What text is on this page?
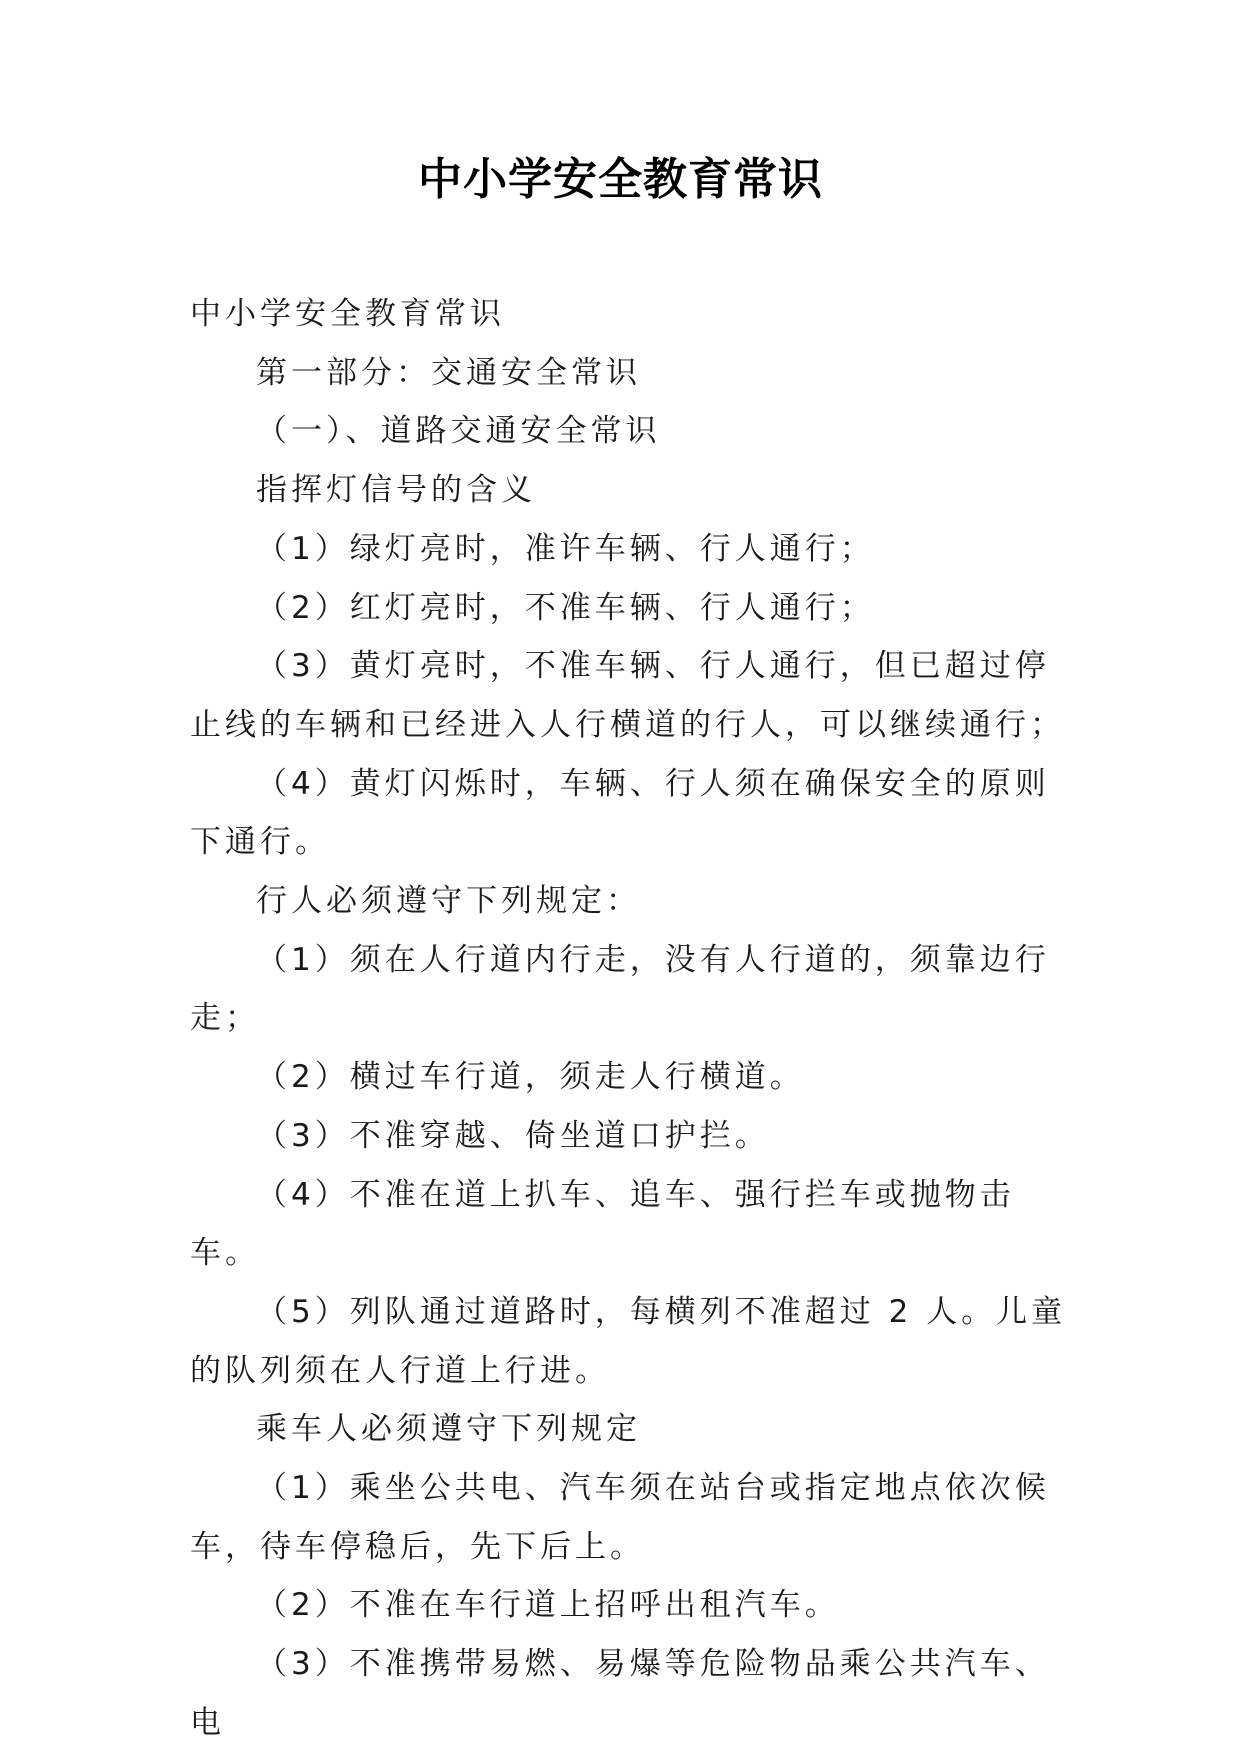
中小学安全教育常识

中小学安全教育常识

第一部分：交通安全常识

（一）、道路交通安全常识

指挥灯信号的含义

（1）绿灯亮时，准许车辆、行人通行；

（2）红灯亮时，不准车辆、行人通行；

（3）黄灯亮时，不准车辆、行人通行，但已超过停止线的车辆和已经进入人行横道的行人，可以继续通行；

（4）黄灯闪烁时，车辆、行人须在确保安全的原则下通行。

行人必须遵守下列规定：

（1）须在人行道内行走，没有人行道的，须靠边行走；

（2）横过车行道，须走人行横道。

（3）不准穿越、倚坐道口护拦。

（4）不准在道上扒车、追车、强行拦车或抛物击车。

（5）列队通过道路时，每横列不准超过 2 人。儿童的队列须在人行道上行进。

乘车人必须遵守下列规定

（1）乘坐公共电、汽车须在站台或指定地点依次候车，待车停稳后，先下后上。

（2）不准在车行道上招呼出租汽车。

（3）不准携带易燃、易爆等危险物品乘公共汽车、电
